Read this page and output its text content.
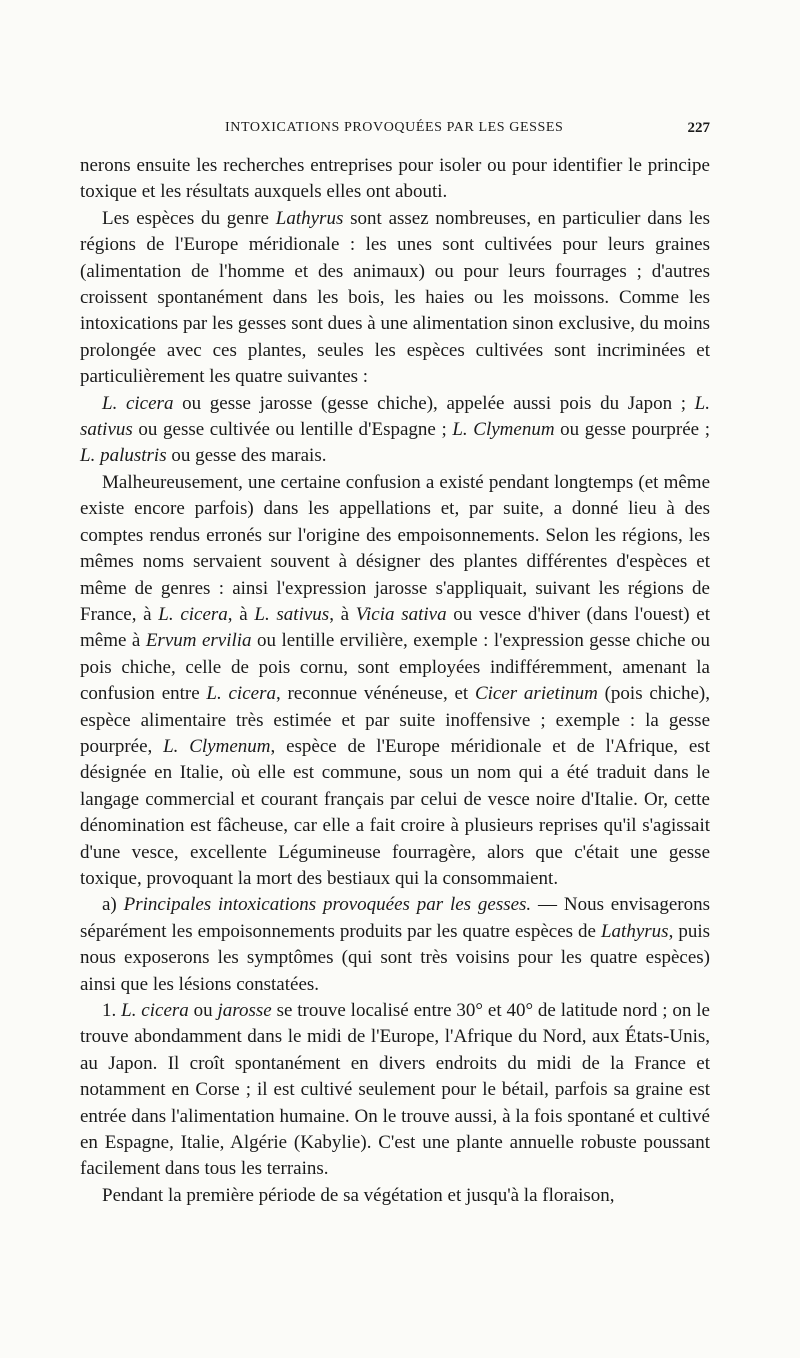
INTOXICATIONS PROVOQUÉES PAR LES GESSES	227

nerons ensuite les recherches entreprises pour isoler ou pour identifier le principe toxique et les résultats auxquels elles ont abouti.

Les espèces du genre Lathyrus sont assez nombreuses, en particulier dans les régions de l'Europe méridionale : les unes sont cultivées pour leurs graines (alimentation de l'homme et des animaux) ou pour leurs fourrages ; d'autres croissent spontanément dans les bois, les haies ou les moissons. Comme les intoxications par les gesses sont dues à une alimentation sinon exclusive, du moins prolongée avec ces plantes, seules les espèces cultivées sont incriminées et particulièrement les quatre suivantes :

L. cicera ou gesse jarosse (gesse chiche), appelée aussi pois du Japon ; L. sativus ou gesse cultivée ou lentille d'Espagne ; L. Clymenum ou gesse pourprée ; L. palustris ou gesse des marais.

Malheureusement, une certaine confusion a existé pendant longtemps (et même existe encore parfois) dans les appellations et, par suite, a donné lieu à des comptes rendus erronés sur l'origine des empoisonnements. Selon les régions, les mêmes noms servaient souvent à désigner des plantes différentes d'espèces et même de genres : ainsi l'expression jarosse s'appliquait, suivant les régions de France, à L. cicera, à L. sativus, à Vicia sativa ou vesce d'hiver (dans l'ouest) et même à Ervum ervilia ou lentille ervilière, exemple : l'expression gesse chiche ou pois chiche, celle de pois cornu, sont employées indifféremment, amenant la confusion entre L. cicera, reconnue vénéneuse, et Cicer arietinum (pois chiche), espèce alimentaire très estimée et par suite inoffensive ; exemple : la gesse pourprée, L. Clymenum, espèce de l'Europe méridionale et de l'Afrique, est désignée en Italie, où elle est commune, sous un nom qui a été traduit dans le langage commercial et courant français par celui de vesce noire d'Italie. Or, cette dénomination est fâcheuse, car elle a fait croire à plusieurs reprises qu'il s'agissait d'une vesce, excellente Légumineuse fourragère, alors que c'était une gesse toxique, provoquant la mort des bestiaux qui la consommaient.

a) Principales intoxications provoquées par les gesses. — Nous envisagerons séparément les empoisonnements produits par les quatre espèces de Lathyrus, puis nous exposerons les symptômes (qui sont très voisins pour les quatre espèces) ainsi que les lésions constatées.

1. L. cicera ou jarosse se trouve localisé entre 30° et 40° de latitude nord ; on le trouve abondamment dans le midi de l'Europe, l'Afrique du Nord, aux États-Unis, au Japon. Il croît spontanément en divers endroits du midi de la France et notamment en Corse ; il est cultivé seulement pour le bétail, parfois sa graine est entrée dans l'alimentation humaine. On le trouve aussi, à la fois spontané et cultivé en Espagne, Italie, Algérie (Kabylie). C'est une plante annuelle robuste poussant facilement dans tous les terrains.

Pendant la première période de sa végétation et jusqu'à la floraison,
